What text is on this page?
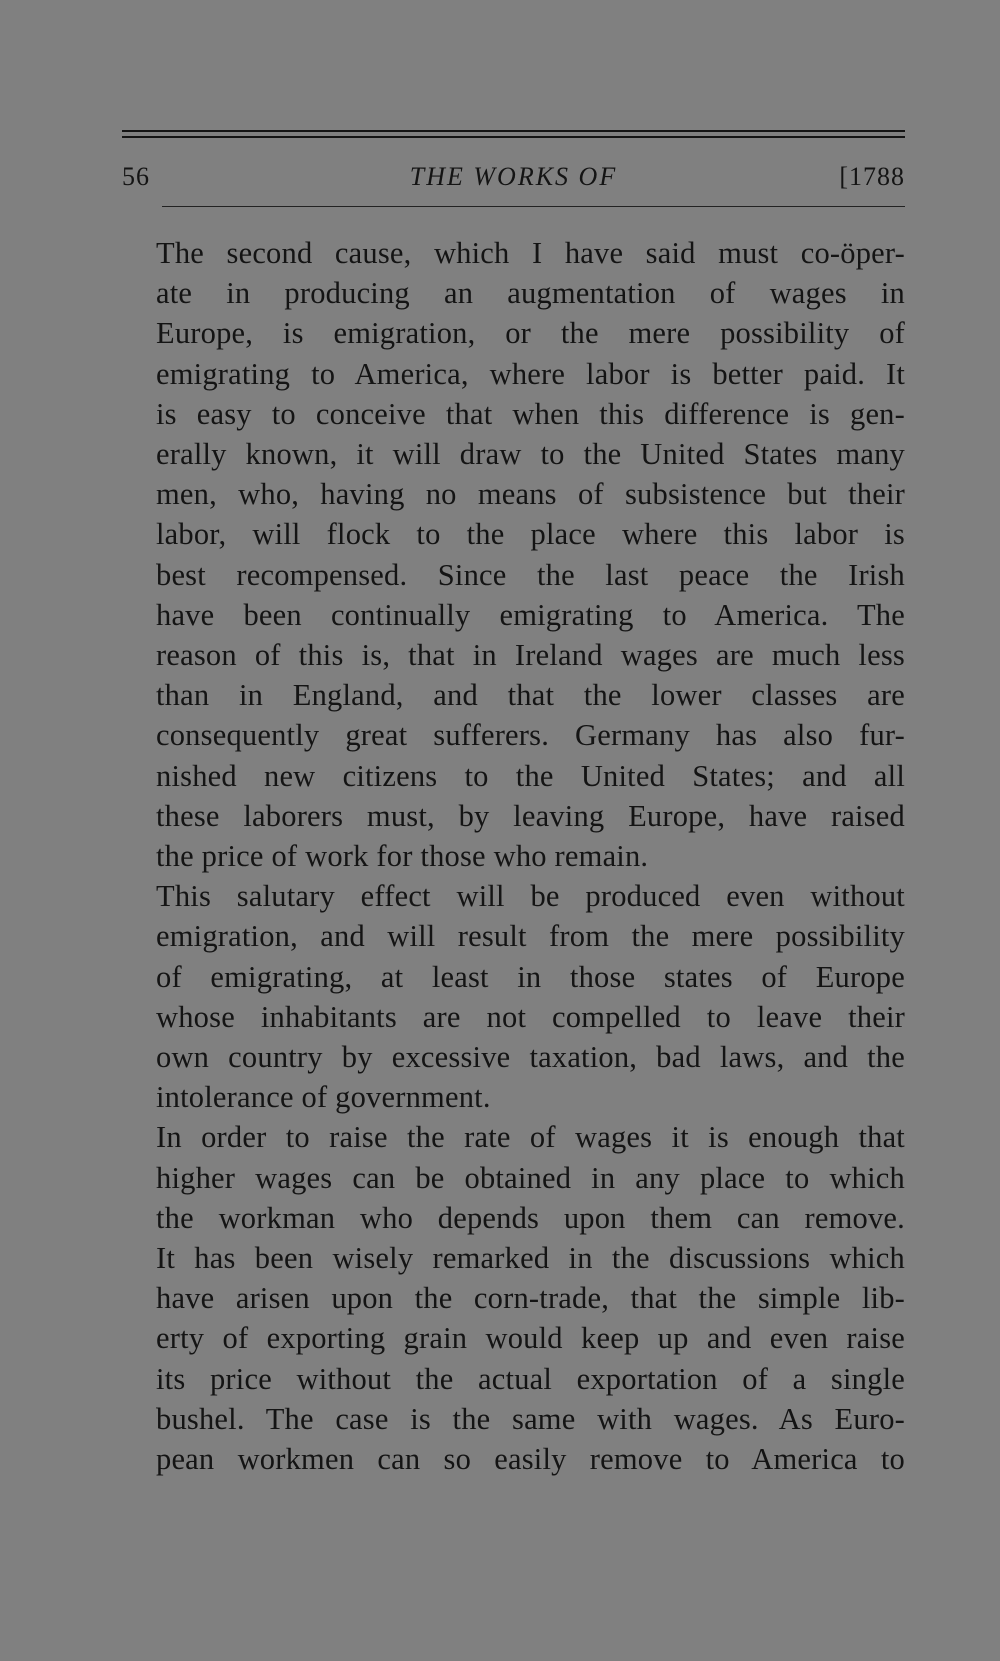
56	THE WORKS OF	[1788

The second cause, which I have said must co-öper-
ate in producing an augmentation of wages in
Europe, is emigration, or the mere possibility of
emigrating to America, where labor is better paid. It
is easy to conceive that when this difference is gen-
erally known, it will draw to the United States many
men, who, having no means of subsistence but their
labor, will flock to the place where this labor is
best recompensed. Since the last peace the Irish
have been continually emigrating to America. The
reason of this is, that in Ireland wages are much less
than in England, and that the lower classes are
consequently great sufferers. Germany has also fur-
nished new citizens to the United States; and all
these laborers must, by leaving Europe, have raised
the price of work for those who remain.

This salutary effect will be produced even without
emigration, and will result from the mere possibility
of emigrating, at least in those states of Europe
whose inhabitants are not compelled to leave their
own country by excessive taxation, bad laws, and the
intolerance of government.

In order to raise the rate of wages it is enough that
higher wages can be obtained in any place to which
the workman who depends upon them can remove.
It has been wisely remarked in the discussions which
have arisen upon the corn-trade, that the simple lib-
erty of exporting grain would keep up and even raise
its price without the actual exportation of a single
bushel. The case is the same with wages. As Euro-
pean workmen can so easily remove to America to
